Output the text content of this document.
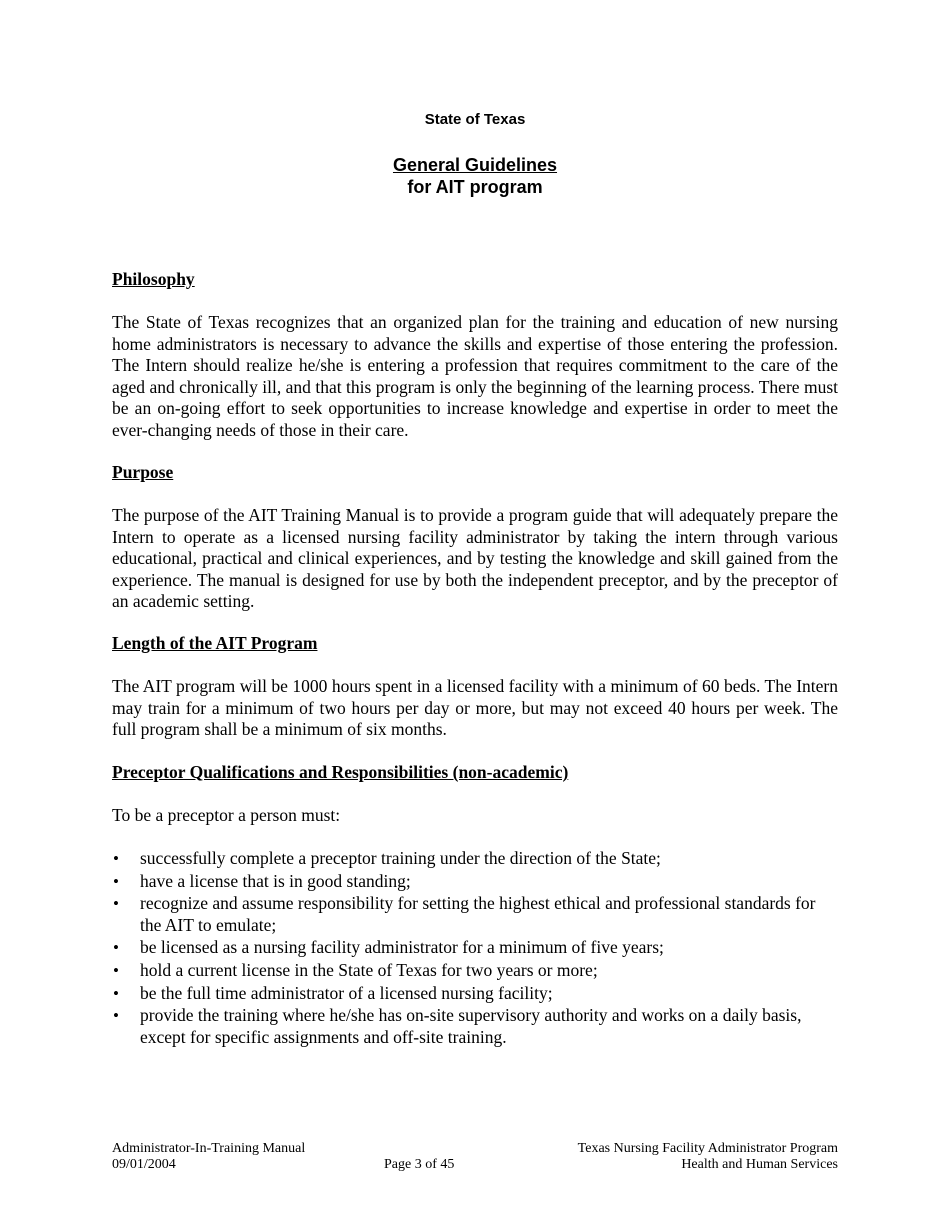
State of Texas
General Guidelines
for AIT program
Philosophy

The State of Texas recognizes that an organized plan for the training and education of new nursing home administrators is necessary to advance the skills and expertise of those entering the profession. The Intern should realize he/she is entering a profession that requires commitment to the care of the aged and chronically ill, and that this program is only the beginning of the learning process. There must be an on-going effort to seek opportunities to increase knowledge and expertise in order to meet the ever-changing needs of those in their care.

Purpose

The purpose of the AIT Training Manual is to provide a program guide that will adequately prepare the Intern to operate as a licensed nursing facility administrator by taking the intern through various educational, practical and clinical experiences, and by testing the knowledge and skill gained from the experience. The manual is designed for use by both the independent preceptor, and by the preceptor of an academic setting.

Length of the AIT Program

The AIT program will be 1000 hours spent in a licensed facility with a minimum of 60 beds. The Intern may train for a minimum of two hours per day or more, but may not exceed 40 hours per week. The full program shall be a minimum of six months.

Preceptor Qualifications and Responsibilities (non-academic)

To be a preceptor a person must:

• successfully complete a preceptor training under the direction of the State;
• have a license that is in good standing;
• recognize and assume responsibility for setting the highest ethical and professional standards for the AIT to emulate;
• be licensed as a nursing facility administrator for a minimum of five years;
• hold a current license in the State of Texas for two years or more;
• be the full time administrator of a licensed nursing facility;
• provide the training where he/she has on-site supervisory authority and works on a daily basis, except for specific assignments and off-site training.
Administrator-In-Training Manual
09/01/2004	Page 3 of 45
Texas Nursing Facility Administrator Program
Health and Human Services
